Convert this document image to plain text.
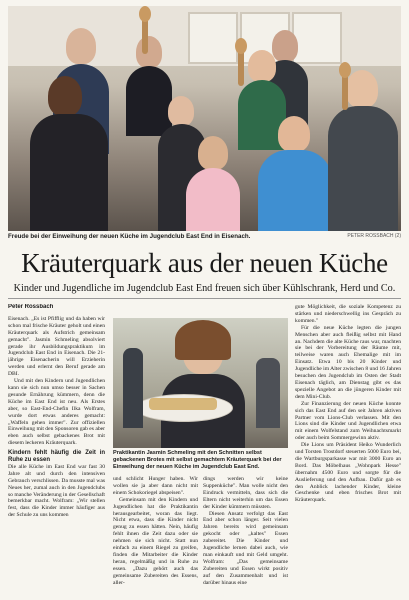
Freude bei der Einweihung der neuen Küche im Jugendclub East End in Eisenach.	PETER ROSSBACH (2)
Kräuterquark aus der neuen Küche
Kinder und Jugendliche im Jugendclub East End freuen sich über Kühlschrank, Herd und Co.
Peter Rossbach

Eisenach. „Es ist Pfifflig und da haben wir schon mal frische Kräuter geholt und einen Kräuterquark als Aufstrich gemeinsam gemacht". Jasmin Schmeling absolviert gerade ihr Ausbildungspraktikum im Jugendclub East End in Eisenach. Die 21-jährige Eisenacherin will Erzieherin werden und erlernt den Beruf gerade am DBI.

Und mit den Kindern und Jugendlichen kann sie sich nun umso besser in Sachen gesunde Ernährung kümmern, denn die Küche im East End ist neu. Als Erstes aber, so East-End-Chefin Ilka Wolfram, wurde dort etwas anderes gemacht: „Waffeln gehen immer". Zur offiziellen Einweihung mit den Sponsoren gab es aber eben auch selbst gebackenes Brot mit diesem leckeren Kräuterquark.

Kindern fehlt häufig die Zeit in Ruhe zu essen

Die alle Küche im East End war fast 30 Jahre alt und durch den intensiven Gebrauch verschlissen. Da musste mal was Neues her, zumal auch in den Jugendclubs so manche Veränderung in der Gesellschaft bemerkbar macht. Wolfram: „Wir stellen fest, dass die Kinder immer häufiger aus der Schule zu uns kommen

Praktikantin Jasmin Schmeling mit den Schnitten selbst gebackenen Brotes mit selbst gemachtem Kräuterquark bei der Einweihung der neuen Küche im Jugendclub East End.

und schlicht Hunger haben. Wir wollen sie ja aber dann nicht mit einem Schokoriegel abspeisen".

Gemeinsam mit den Kindern und Jugendlichen hat die Praktikantin herausgearbeitet, woran das liegt. Nicht etwa, dass die Kinder nicht genug zu essen hätten. Nein, häufig fehlt ihnen die Zeit dazu oder sie nehmen sie sich nicht. Statt nun einfach zu einem Riegel zu greifen, finden die Mitarbeiter die Kinder heran, regelmäßig und in Ruhe zu essen. „Dazu gehört auch das gemeinsame Zubereiten des Essens, aller-

dings werden wir keine Suppenküche". Man wolle nicht den Eindruck vermitteln, dass sich die Eltern nicht weiterhin um das Essen der Kinder kümmern müssten.

Diesen Ansatz verfolgt das East End aber schon länger. Seit vielen Jahren bereits wird gemeinsam gekocht oder „kaltes" Essen zubereitet. Die Kinder und Jugendliche lernen dabei auch, wie man einkauft und mit Geld umgeht. Wolfram: „Das gemeinsame Zubereiten und Essen wirkt positiv auf den Zusammenhalt und ist darüber hinaus eine

gute Möglichkeit, die soziale Kompetenz zu stärken und niederschwellig ins Gespräch zu kommen."

Für die neue Küche legten die jungen Menschen aber auch fleißig selbst mit Hand an. Nachdem die alte Küche raus war, machten sie bei der Vorbereitung der Räume mit, teilweise waren auch Ehemalige mit im Einsatz. Etwa 10 bis 20 Kinder und Jugendliche im Alter zwischen 8 und 16 Jahren besuchen den Jugendclub im Osten der Stadt Eisenach täglich, am Dienstag gibt es das spezielle Angebot an die jüngeren Kinder mit dem Mini-Club.

Zur Finanzierung der neuen Küche konnte sich das East End auf den seit Jahren aktiven Partner vom Lions-Club verlassen. Mit den Lions sind die Kinder und Jugendlichen etwa mit einem Wolfelstand zum Weihnachtsmarkt oder auch beim Sommergewinn aktiv.

Die Lions um Präsident Heiko Wunderlich und Torsten Trostdorf steuerten 5000 Euro bei, die Wartburgsparkasse war mit 3000 Euro an Bord. Das Möbelhaus „Wohnpark Hesse" übernahm 4500 Euro und sorgte für die Auslieferung und den Aufbau. Dafür gab es den Anblick lachender Kinder, kleine Geschenke und eben frisches Brot mit Kräuterquark.
